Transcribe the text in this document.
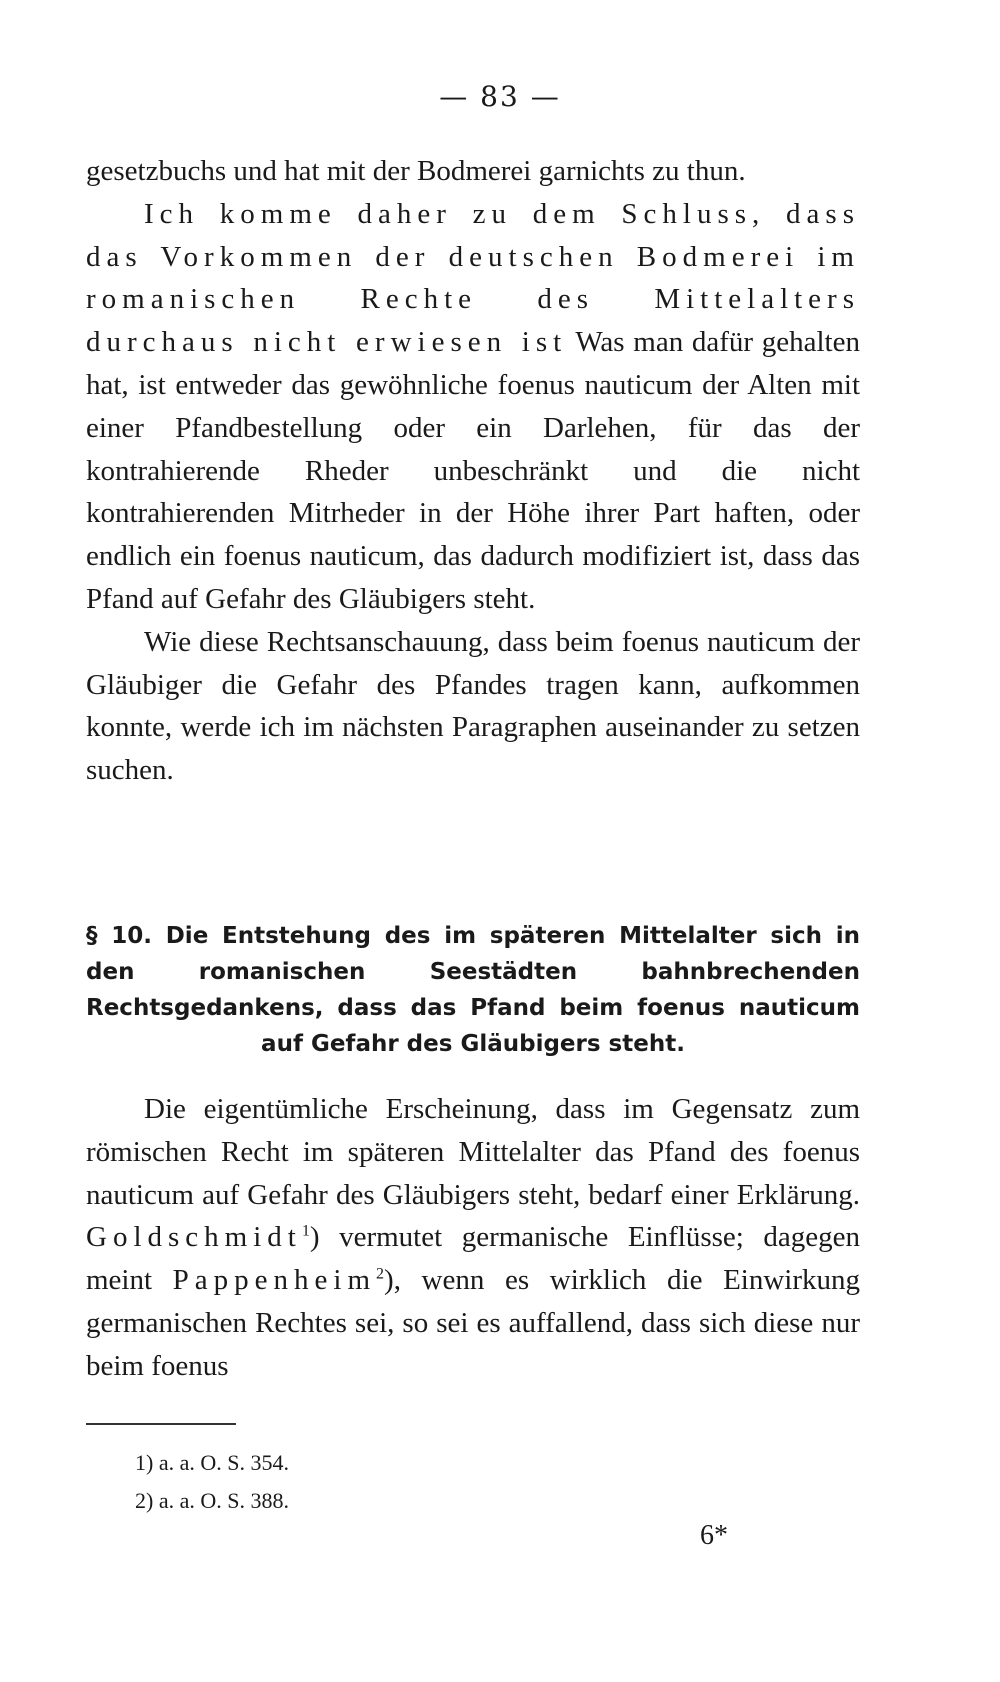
— 83 —

gesetzbuchs und hat mit der Bodmerei garnichts zu thun.

Ich komme daher zu dem Schluss, dass das Vorkommen der deutschen Bodmerei im romanischen Rechte des Mittelalters durchaus nicht erwiesen ist Was man dafür gehalten hat, ist entweder das gewöhnliche foenus nauticum der Alten mit einer Pfandbestellung oder ein Darlehen, für das der kontrahierende Rheder unbeschränkt und die nicht kontrahierenden Mitrheder in der Höhe ihrer Part haften, oder endlich ein foenus nauticum, das dadurch modifiziert ist, dass das Pfand auf Gefahr des Gläubigers steht.

Wie diese Rechtsanschauung, dass beim foenus nauticum der Gläubiger die Gefahr des Pfandes tragen kann, aufkommen konnte, werde ich im nächsten Paragraphen auseinander zu setzen suchen.

§ 10. Die Entstehung des im späteren Mittelalter sich in den romanischen Seestädten bahnbrechenden Rechtsgedankens, dass das Pfand beim foenus nauticum auf Gefahr des Gläubigers steht.

Die eigentümliche Erscheinung, dass im Gegensatz zum römischen Recht im späteren Mittelalter das Pfand des foenus nauticum auf Gefahr des Gläubigers steht, bedarf einer Erklärung. Goldschmidt$^1$) vermutet germanische Einflüsse; dagegen meint Pappenheim$^2$), wenn es wirklich die Einwirkung germanischen Rechtes sei, so sei es auffallend, dass sich diese nur beim foenus

1) a. a. O. S. 354.
2) a. a. O. S. 388.
6*
